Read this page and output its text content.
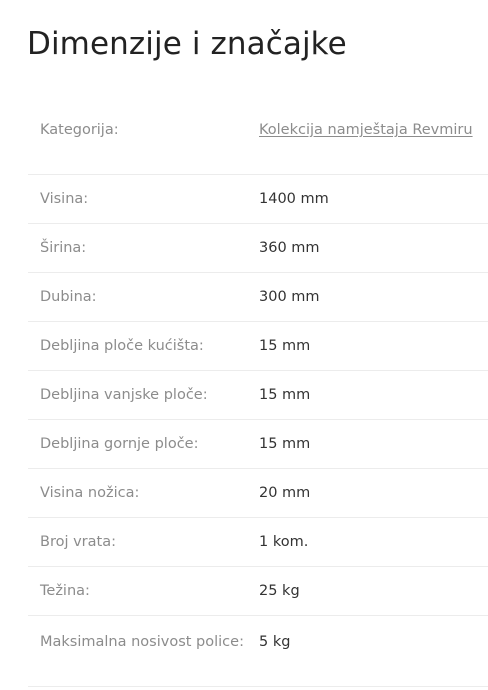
Dimenzije i značajke
Kategorija:	Kolekcija namještaja Revmiru
Visina:	1400 mm
Širina:	360 mm
Dubina:	300 mm
Debljina ploče kućišta:	15 mm
Debljina vanjske ploče:	15 mm
Debljina gornje ploče:	15 mm
Visina nožica:	20 mm
Broj vrata:	1 kom.
Težina:	25 kg
Maksimalna nosivost police:	5 kg
